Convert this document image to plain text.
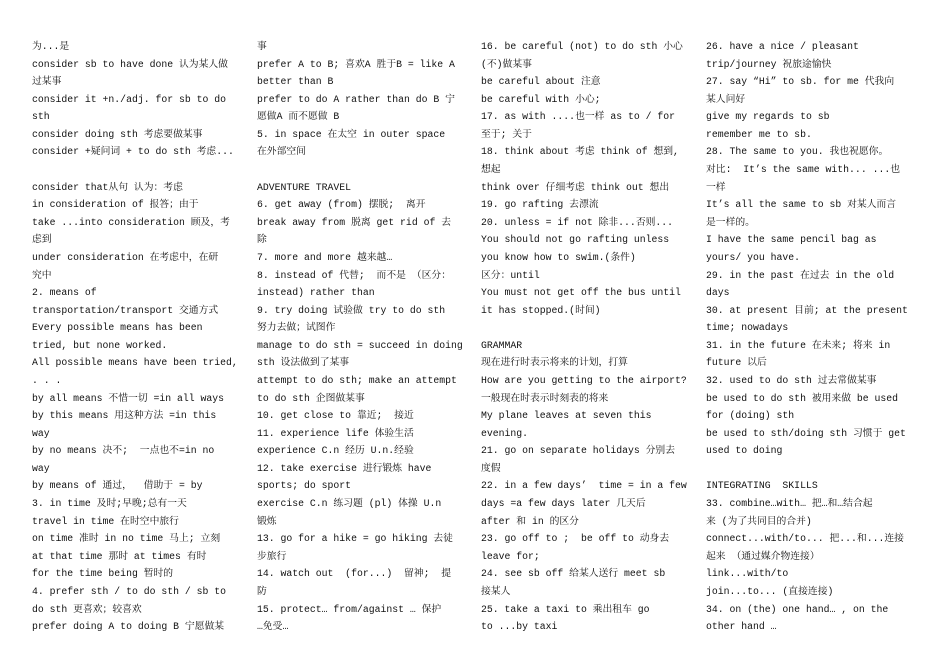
为...是
consider sb to have done 认为某人做
过某事
consider it +n./adj. for sb to do
sth
consider doing sth 考虑要做某事
consider +疑问词 + to do sth 考虑...
consider that从句 认为：考虑
in consideration of 报答；由于
take ...into consideration 顾及，考
虑到
under consideration 在考虑中，在研
究中
2. means of
transportation/transport 交通方式
Every possible means has been
tried, but none worked.
All possible means have been tried,
. . .
by all means 不惜一切 =in all ways
by this means 用这种方法 =in this
way
by no means 决不;  一点也不=in no
way
by means of 通过，  借助于 = by
3. in time 及时;早晚;总有一天
travel in time 在时空中旅行
on time 准时 in no time 马上; 立刻
at that time 那时 at times 有时
for the time being 暂时的
4. prefer sth / to do sth / sb to
do sth 更喜欢；较喜欢
prefer doing A to doing B 宁愿做某
事
prefer A to B; 喜欢A 胜于B = like A
better than B
prefer to do A rather than do B 宁
愿做A 而不愿做 B
5. in space 在太空 in outer space
在外部空间
ADVENTURE TRAVEL
6. get away (from) 摆脱;  离开
break away from 脱离 get rid of 去
除
7. more and more 越来越…
8. instead of 代替;  而不是 （区分：
instead) rather than
9. try doing 试验做 try to do sth
努力去做；试图作
manage to do sth = succeed in doing
sth 设法做到了某事
attempt to do sth; make an attempt
to do sth 企图做某事
10. get close to 靠近;  接近
11. experience life 体验生活
experience C.n 经历 U.n.经验
12. take exercise 进行锻炼 have
sports; do sport
exercise C.n 练习题 (pl) 体操 U.n
锻炼
13. go for a hike = go hiking 去徒
步旅行
14. watch out  (for...)  留神;  提
防
15. protect… from/against … 保护
…免受…
16. be careful (not) to do sth 小心
(不)做某事
be careful about 注意
be careful with 小心;
17. as with ....也一样 as to / for
至于; 关于
18. think about 考虑 think of 想到,
想起
think over 仔细考虑 think out 想出
19. go rafting 去漂流
20. unless = if not 除非...否则...
You should not go rafting unless
you know how to swim.(条件)
区分：until
You must not get off the bus until
it has stopped.(时间)
GRAMMAR
现在进行时表示将来的计划，打算
How are you getting to the airport?
一般现在时表示时刻表的将来
My plane leaves at seven this
evening.
21. go on separate holidays 分别去
度假
22. in a few days’  time = in a few
days =a few days later 几天后
after 和 in 的区分
23. go off to ;  be off to 动身去
leave for;
24. see sb off 给某人送行 meet sb
接某人
25. take a taxi to 乘出租车 go
to ...by taxi
26. have a nice / pleasant
trip/journey 祝旅途愉快
27. say “Hi” to sb. for me 代我向
某人问好
give my regards to sb
remember me to sb.
28. The same to you. 我也祝愿你。
对比:  It’s the same with... ...也
一样
It’s all the same to sb 对某人而言
是一样的。
I have the same pencil bag as
yours/ you have.
29. in the past 在过去 in the old
days
30. at present 目前; at the present
time; nowadays
31. in the future 在未来; 将来 in
future 以后
32. used to do sth 过去常做某事
be used to do sth 被用来做 be used
for (doing) sth
be used to sth/doing sth 习惯于 get
used to doing
INTEGRATING  SKILLS
33. combine…with… 把…和…结合起
来 (为了共同目的合并)
connect...with/to... 把...和...连接
起来 （通过媒介物连接）
link...with/to
join...to... (直接连接)
34. on (the) one hand… , on the
other hand …
